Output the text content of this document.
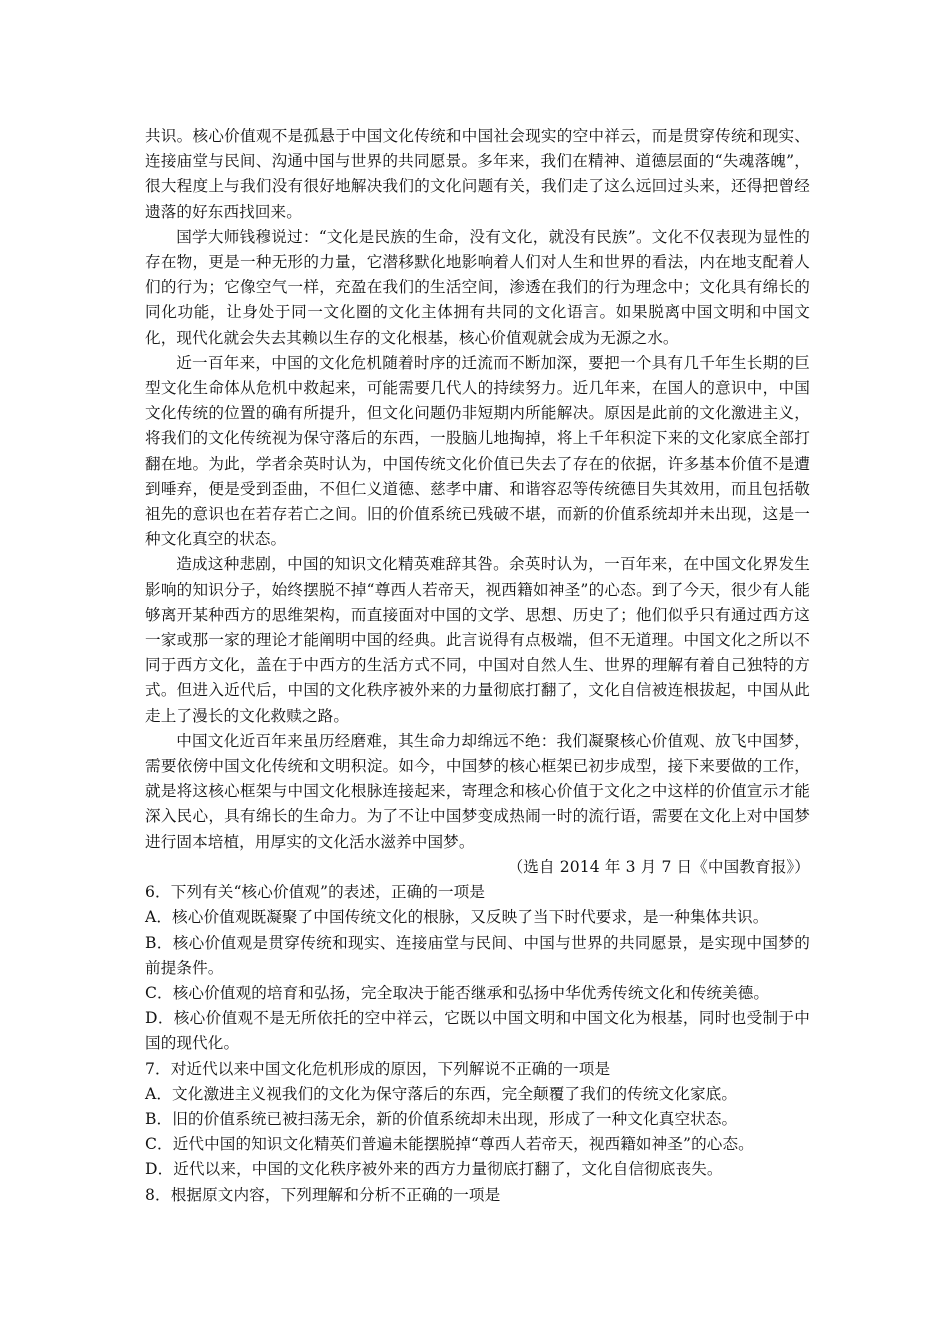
共识。核心价值观不是孤悬于中国文化传统和中国社会现实的空中祥云，而是贯穿传统和现实、连接庙堂与民间、沟通中国与世界的共同愿景。多年来，我们在精神、道德层面的“失魂落魄”，很大程度上与我们没有很好地解决我们的文化问题有关，我们走了这么远回过头来，还得把曾经遗落的好东西找回来。

国学大师钱穆说过：“文化是民族的生命，没有文化，就没有民族”。文化不仅表现为显性的存在物，更是一种无形的力量，它潜移默化地影响着人们对人生和世界的看法，内在地支配着人们的行为；它像空气一样，充盈在我们的生活空间，渗透在我们的行为理念中；文化具有绵长的同化功能，让身处于同一文化圈的文化主体拥有共同的文化语言。如果脱离中国文明和中国文化，现代化就会失去其赖以生存的文化根基，核心价值观就会成为无源之水。

近一百年来，中国的文化危机随着时序的迁流而不断加深，要把一个具有几千年生长期的巨型文化生命体从危机中救起来，可能需要几代人的持续努力。近几年来，在国人的意识中，中国文化传统的位置的确有所提升，但文化问题仍非短期内所能解决。原因是此前的文化激进主义，将我们的文化传统视为保守落后的东西，一股脑儿地掏掉，将上千年积淀下来的文化家底全部打翻在地。为此，学者余英时认为，中国传统文化价值已失去了存在的依据，许多基本价值不是遭到唾弃，便是受到歪曲，不但仁义道德、慈孝中庸、和谐容忍等传统德目失其效用，而且包括敬祖先的意识也在若存若亡之间。旧的价值系统已残破不堪，而新的价值系统却并未出现，这是一种文化真空的状态。

造成这种悲剧，中国的知识文化精英难辞其咎。余英时认为，一百年来，在中国文化界发生影响的知识分子，始终摆脱不掉“尊西人若帝天，视西籍如神圣”的心态。到了今天，很少有人能够离开某种西方的思维架构，而直接面对中国的文学、思想、历史了；他们似乎只有通过西方这一家或那一家的理论才能阐明中国的经典。此言说得有点极端，但不无道理。中国文化之所以不同于西方文化，盖在于中西方的生活方式不同，中国对自然人生、世界的理解有着自己独特的方式。但进入近代后，中国的文化秩序被外来的力量彻底打翻了，文化自信被连根拔起，中国从此走上了漫长的文化救赎之路。

中国文化近百年来虽历经磨难，其生命力却绵远不绝：我们凝聚核心价值观、放飞中国梦，需要依傍中国文化传统和文明积淀。如今，中国梦的核心框架已初步成型，接下来要做的工作，就是将这核心框架与中国文化根脉连接起来，寄理念和核心价值于文化之中这样的价值宣示才能深入民心，具有绵长的生命力。为了不让中国梦变成热闹一时的流行语，需要在文化上对中国梦进行固本培植，用厚实的文化活水滋养中国梦。

（选自 2014 年 3 月 7 日《中国教育报》）

6．下列有关“核心价值观”的表述，正确的一项是

A．核心价值观既凝聚了中国传统文化的根脉，又反映了当下时代要求，是一种集体共识。

B．核心价值观是贯穿传统和现实、连接庙堂与民间、中国与世界的共同愿景，是实现中国梦的前提条件。

C．核心价值观的培育和弘扬，完全取决于能否继承和弘扬中华优秀传统文化和传统美德。

D．核心价值观不是无所依托的空中祥云，它既以中国文明和中国文化为根基，同时也受制于中国的现代化。

7．对近代以来中国文化危机形成的原因，下列解说不正确的一项是

A．文化激进主义视我们的文化为保守落后的东西，完全颠覆了我们的传统文化家底。

B．旧的价值系统已被扫荡无余，新的价值系统却未出现，形成了一种文化真空状态。

C．近代中国的知识文化精英们普遍未能摆脱掉“尊西人若帝天，视西籍如神圣”的心态。

D．近代以来，中国的文化秩序被外来的西方力量彻底打翻了，文化自信彻底丧失。

8．根据原文内容，下列理解和分析不正确的一项是
